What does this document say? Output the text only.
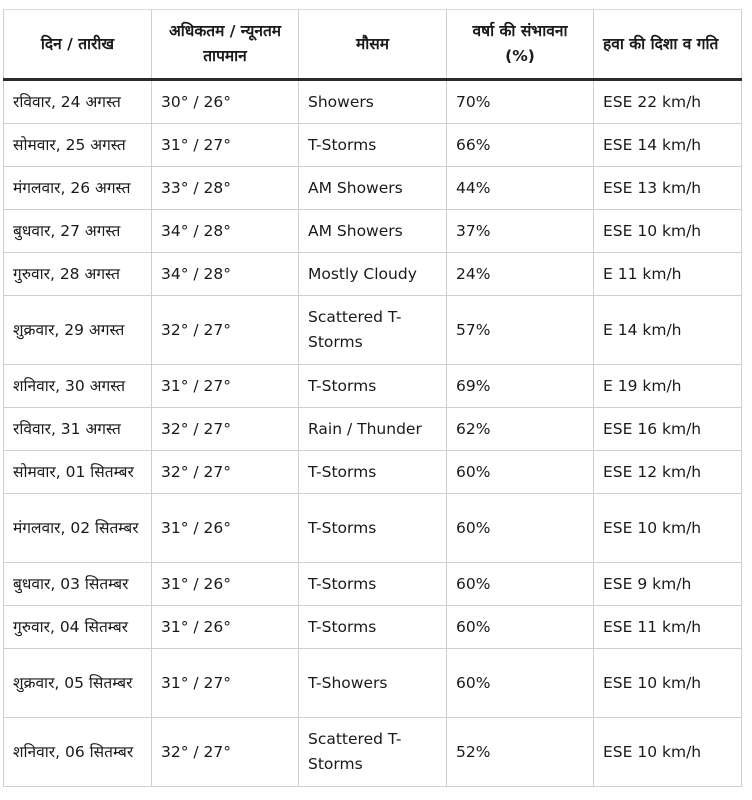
दिन / तारीख	अधिकतम / न्यूनतम तापमान	मौसम	वर्षा की संभावना (%)	हवा की दिशा व गति
रविवार, 24 अगस्त	30° / 26°	Showers	70%	ESE 22 km/h
सोमवार, 25 अगस्त	31° / 27°	T-Storms	66%	ESE 14 km/h
मंगलवार, 26 अगस्त	33° / 28°	AM Showers	44%	ESE 13 km/h
बुधवार, 27 अगस्त	34° / 28°	AM Showers	37%	ESE 10 km/h
गुरुवार, 28 अगस्त	34° / 28°	Mostly Cloudy	24%	E 11 km/h
शुक्रवार, 29 अगस्त	32° / 27°	Scattered T-Storms	57%	E 14 km/h
शनिवार, 30 अगस्त	31° / 27°	T-Storms	69%	E 19 km/h
रविवार, 31 अगस्त	32° / 27°	Rain / Thunder	62%	ESE 16 km/h
सोमवार, 01 सितम्बर	32° / 27°	T-Storms	60%	ESE 12 km/h
मंगलवार, 02 सितम्बर	31° / 26°	T-Storms	60%	ESE 10 km/h
बुधवार, 03 सितम्बर	31° / 26°	T-Storms	60%	ESE 9 km/h
गुरुवार, 04 सितम्बर	31° / 26°	T-Storms	60%	ESE 11 km/h
शुक्रवार, 05 सितम्बर	31° / 27°	T-Showers	60%	ESE 10 km/h
शनिवार, 06 सितम्बर	32° / 27°	Scattered T-Storms	52%	ESE 10 km/h
